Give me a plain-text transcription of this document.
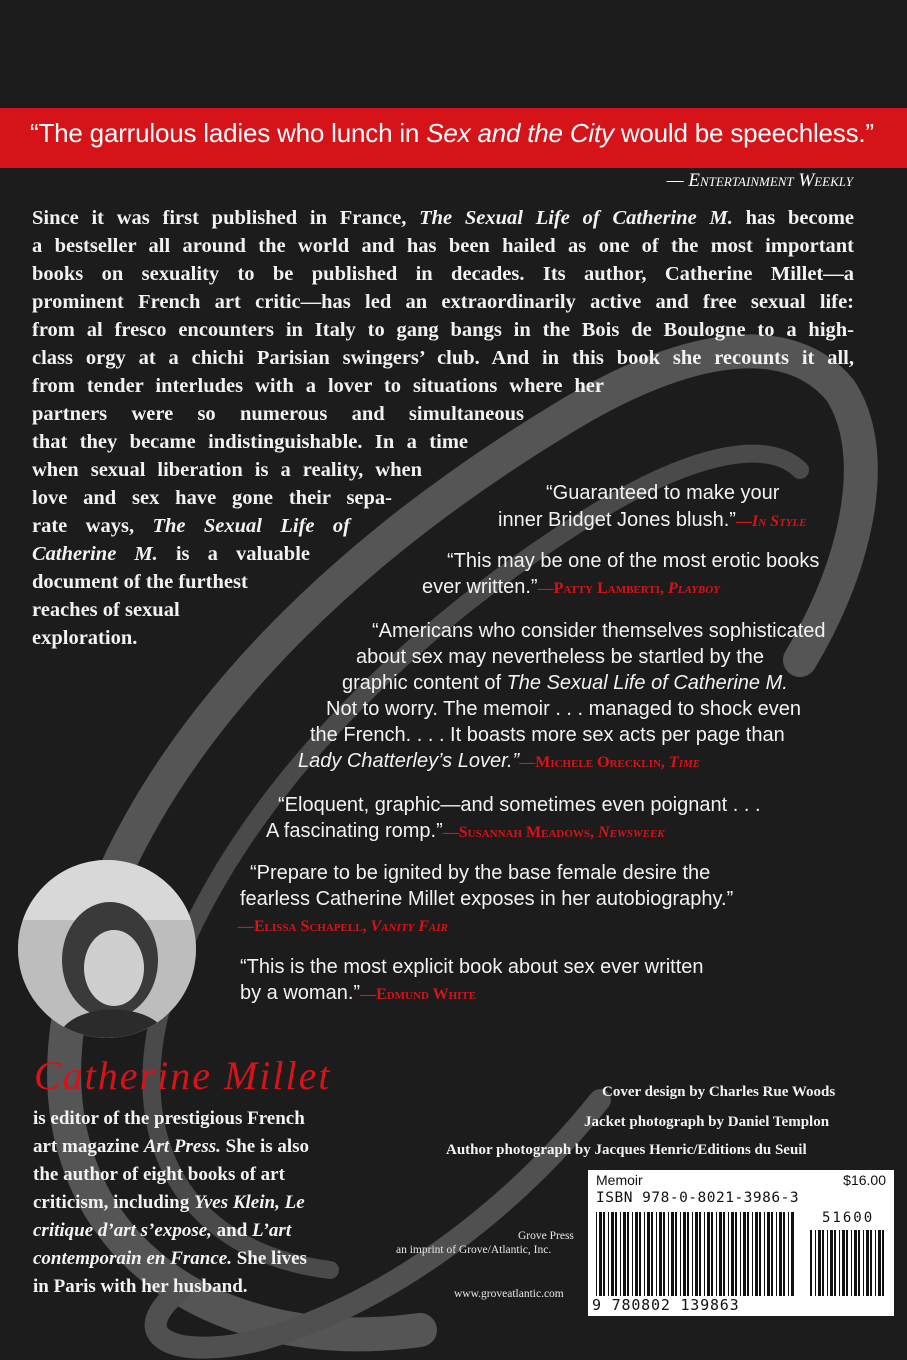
“The garrulous ladies who lunch in Sex and the City would be speechless.”
— Entertainment Weekly
Since it was first published in France, The Sexual Life of Catherine M. has become
a bestseller all around the world and has been hailed as one of the most important
books on sexuality to be published in decades. Its author, Catherine Millet—a
prominent French art critic—has led an extraordinarily active and free sexual life:
from al fresco encounters in Italy to gang bangs in the Bois de Boulogne to a high-
class orgy at a chichi Parisian swingers’ club. And in this book she recounts it all,
from tender interludes with a lover to situations where her
partners were so numerous and simultaneous
that they became indistinguishable. In a time
when sexual liberation is a reality, when
love and sex have gone their sepa-
rate ways, The Sexual Life of
Catherine M. is a valuable
document of the furthest
reaches of sexual
exploration.
“Guaranteed to make your
inner Bridget Jones blush.”—In Style
“This may be one of the most erotic books
ever written.”—Patty Lamberti, Playboy
“Americans who consider themselves sophisticated
about sex may nevertheless be startled by the
graphic content of The Sexual Life of Catherine M.
Not to worry. The memoir . . . managed to shock even
the French. . . . It boasts more sex acts per page than
Lady Chatterley’s Lover.”—Michele Orecklin, Time
“Eloquent, graphic—and sometimes even poignant . . .
A fascinating romp.”—Susannah Meadows, Newsweek
“Prepare to be ignited by the base female desire the
fearless Catherine Millet exposes in her autobiography.”
—Elissa Schapell, Vanity Fair
“This is the most explicit book about sex ever written
by a woman.”—Edmund White
Catherine Millet
is editor of the prestigious French
art magazine Art Press. She is also
the author of eight books of art
criticism, including Yves Klein, Le
critique d’art s’expose, and L’art
contemporain en France. She lives
in Paris with her husband.
Cover design by Charles Rue Woods
Jacket photograph by Daniel Templon
Author photograph by Jacques Henric/Editions du Seuil
Grove Press
an imprint of Grove/Atlantic, Inc.
www.groveatlantic.com
Memoir	$16.00
ISBN 978-0-8021-3986-3
51600
9 780802 139863
